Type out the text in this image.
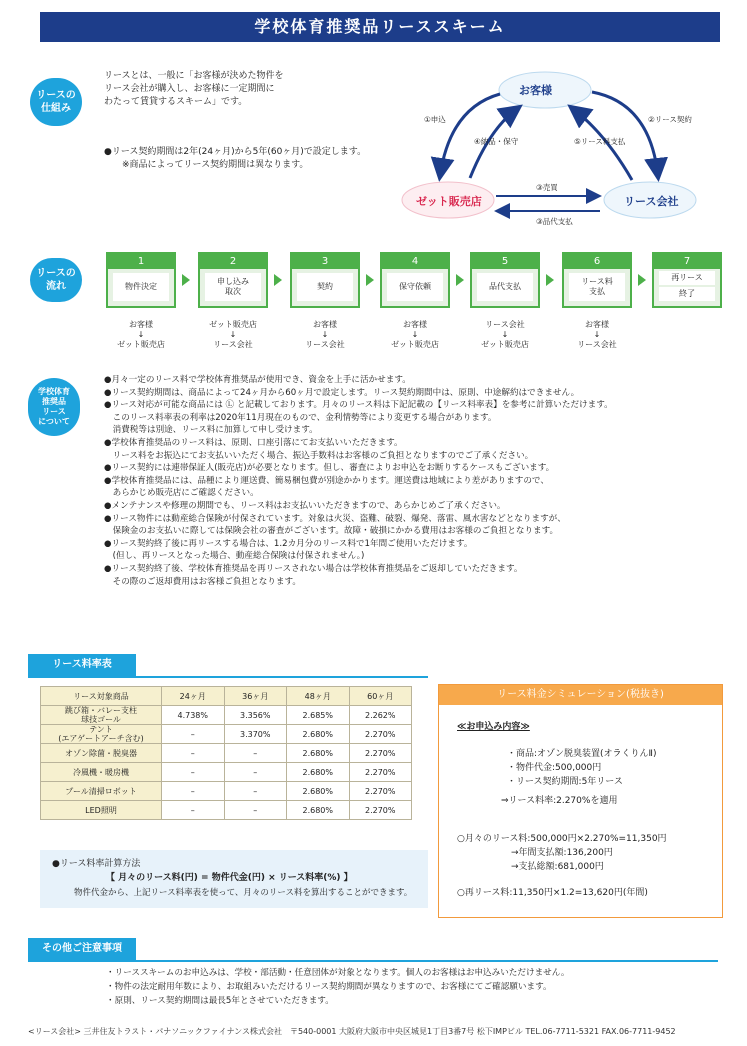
学校体育推奨品リーススキーム
リースの
仕組み
リースとは、一般に「お客様が決めた物件を
リース会社が購入し、お客様に一定期間に
わたって賃貸するスキーム」です。
●リース契約期間は2年(24ヶ月)から5年(60ヶ月)で設定します。
※商品によってリース契約期間は異なります。
お客様
ゼット販売店	リース会社
①申込
④納品・保守
②リース契約
⑤リース料支払
③売買
③品代支払
リースの
流れ
1
物件決定
お客様
↓
ゼット販売店
2
申し込み
取次
ゼット販売店
↓
リース会社
3
契約
お客様
↓
リース会社
4
保守依頼
お客様
↓
ゼット販売店
5
品代支払
リース会社
↓
ゼット販売店
6
リース料
支払
お客様
↓
リース会社
7
再リース
終了
学校体育
推奨品
リース
について
●月々一定のリース料で学校体育推奨品が使用でき、資金を上手に活かせます。
●リース契約期間は、商品によって24ヶ月から60ヶ月で設定します。リース契約期間中は、原則、中途解約はできません。
●リース対応が可能な商品には Ⓛ と記載しております。月々のリース料は下記記載の【リース料率表】を参考に計算いただけます。
　このリース料率表の利率は2020年11月現在のもので、金利情勢等により変更する場合があります。
　消費税等は別途、リース料に加算して申し受けます。
●学校体育推奨品のリース料は、原則、口座引落にてお支払いいただきます。
　リース料をお振込にてお支払いいただく場合、振込手数料はお客様のご負担となりますのでご了承ください。
●リース契約には連帯保証人(販売店)が必要となります。但し、審査によりお申込をお断りするケースもございます。
●学校体育推奨品には、品種により運送費、簡易梱包費が別途かかります。運送費は地域により差がありますので、
　あらかじめ販売店にご確認ください。
●メンテナンスや修理の期間でも、リース料はお支払いいただきますので、あらかじめご了承ください。
●リース物件には動産総合保険が付保されています。対象は火災、盗難、破裂、爆発、落雷、風水害などとなりますが、
　保険金のお支払いに際しては保険会社の審査がございます。故障・破損にかかる費用はお客様のご負担となります。
●リース契約終了後に再リースする場合は、1.2カ月分のリース料で1年間ご使用いただけます。
　(但し、再リースとなった場合、動産総合保険は付保されません。)
●リース契約終了後、学校体育推奨品を再リースされない場合は学校体育推奨品をご返却していただきます。
　その際のご返却費用はお客様ご負担となります。
リース料率表
リース対象商品	24ヶ月	36ヶ月	48ヶ月	60ヶ月
跳び箱・バレー支柱
球技ゴール	4.738%	3.356%	2.685%	2.262%
テント
(エアゲートアーチ含む)	–	3.370%	2.680%	2.270%
オゾン除菌・脱臭器	–	–	2.680%	2.270%
冷風機・暖房機	–	–	2.680%	2.270%
プール清掃ロボット	–	–	2.680%	2.270%
LED照明	–	–	2.680%	2.270%
●リース料率計算方法
【 月々のリース料(円) = 物件代金(円) × リース料率(%) 】
物件代金から、上記リース料率表を使って、月々のリース料を算出することができます。
リース料金シミュレーション(税抜き)
≪お申込み内容≫
・商品:オゾン脱臭装置(オラくりんⅡ)
・物件代金:500,000円
・リース契約期間:5年リース
⇒リース料率:2.270%を適用
○月々のリース料:500,000円×2.270%=11,350円
→年間支払額:136,200円
→支払総額:681,000円
○再リース料:11,350円×1.2=13,620円(年間)
その他ご注意事項
・リーススキームのお申込みは、学校・部活動・任意団体が対象となります。個人のお客様はお申込みいただけません。
・物件の法定耐用年数により、お取組みいただけるリース契約期間が異なりますので、お客様にてご確認願います。
・原則、リース契約期間は最長5年とさせていただきます。
<リース会社> 三井住友トラスト・パナソニックファイナンス株式会社　〒540-0001 大阪府大阪市中央区城見1丁目3番7号 松下IMPビル TEL.06-7711-5321 FAX.06-7711-9452
